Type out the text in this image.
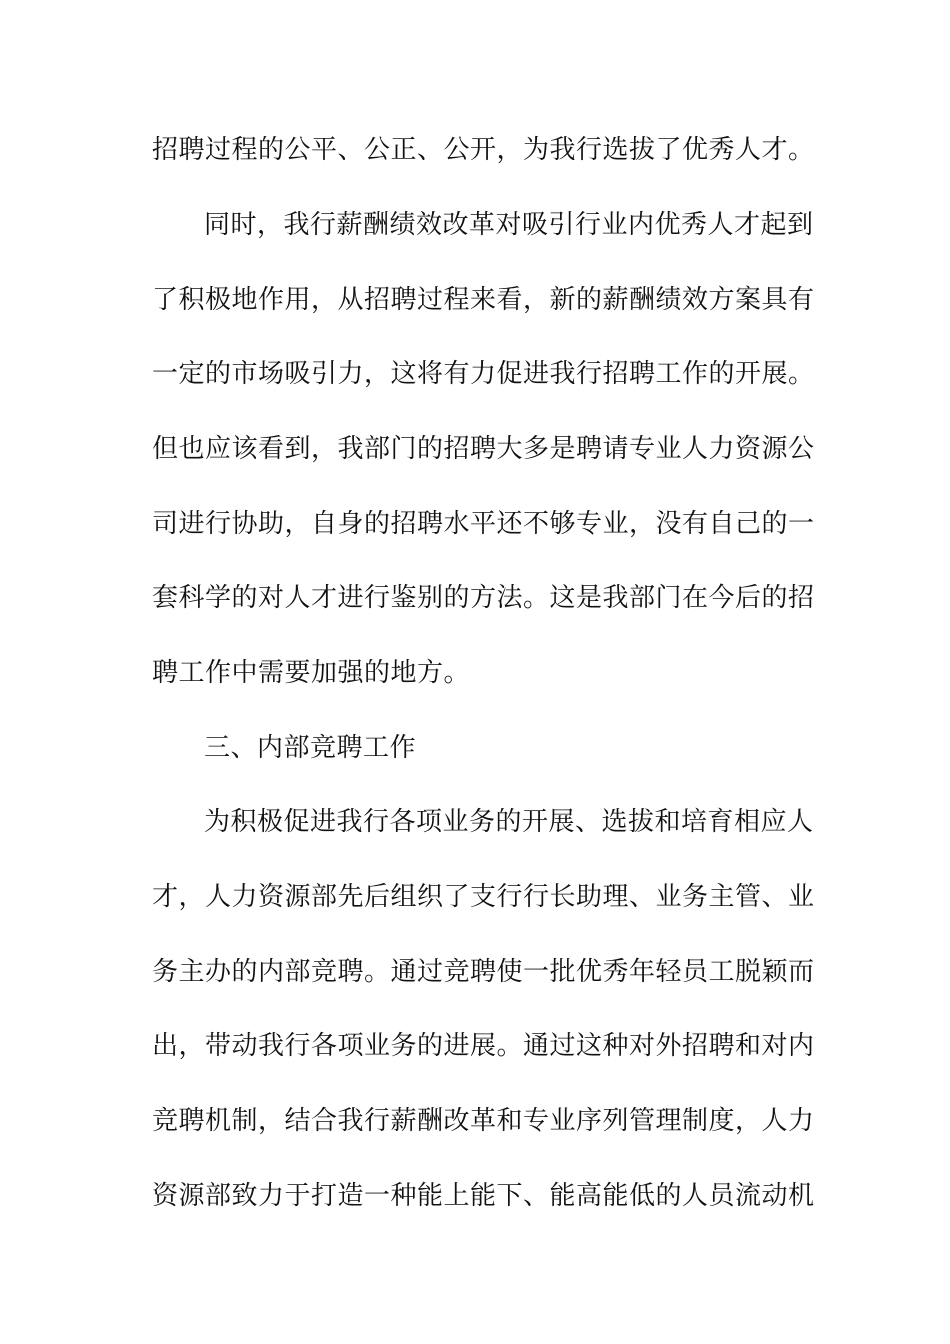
招聘过程的公平、公正、公开，为我行选拔了优秀人才。
同时，我行薪酬绩效改革对吸引行业内优秀人才起到
了积极地作用，从招聘过程来看，新的薪酬绩效方案具有
一定的市场吸引力，这将有力促进我行招聘工作的开展。
但也应该看到，我部门的招聘大多是聘请专业人力资源公
司进行协助，自身的招聘水平还不够专业，没有自己的一
套科学的对人才进行鉴别的方法。这是我部门在今后的招
聘工作中需要加强的地方。
三、内部竞聘工作
为积极促进我行各项业务的开展、选拔和培育相应人
才，人力资源部先后组织了支行行长助理、业务主管、业
务主办的内部竞聘。通过竞聘使一批优秀年轻员工脱颖而
出，带动我行各项业务的进展。通过这种对外招聘和对内
竞聘机制，结合我行薪酬改革和专业序列管理制度，人力
资源部致力于打造一种能上能下、能高能低的人员流动机
